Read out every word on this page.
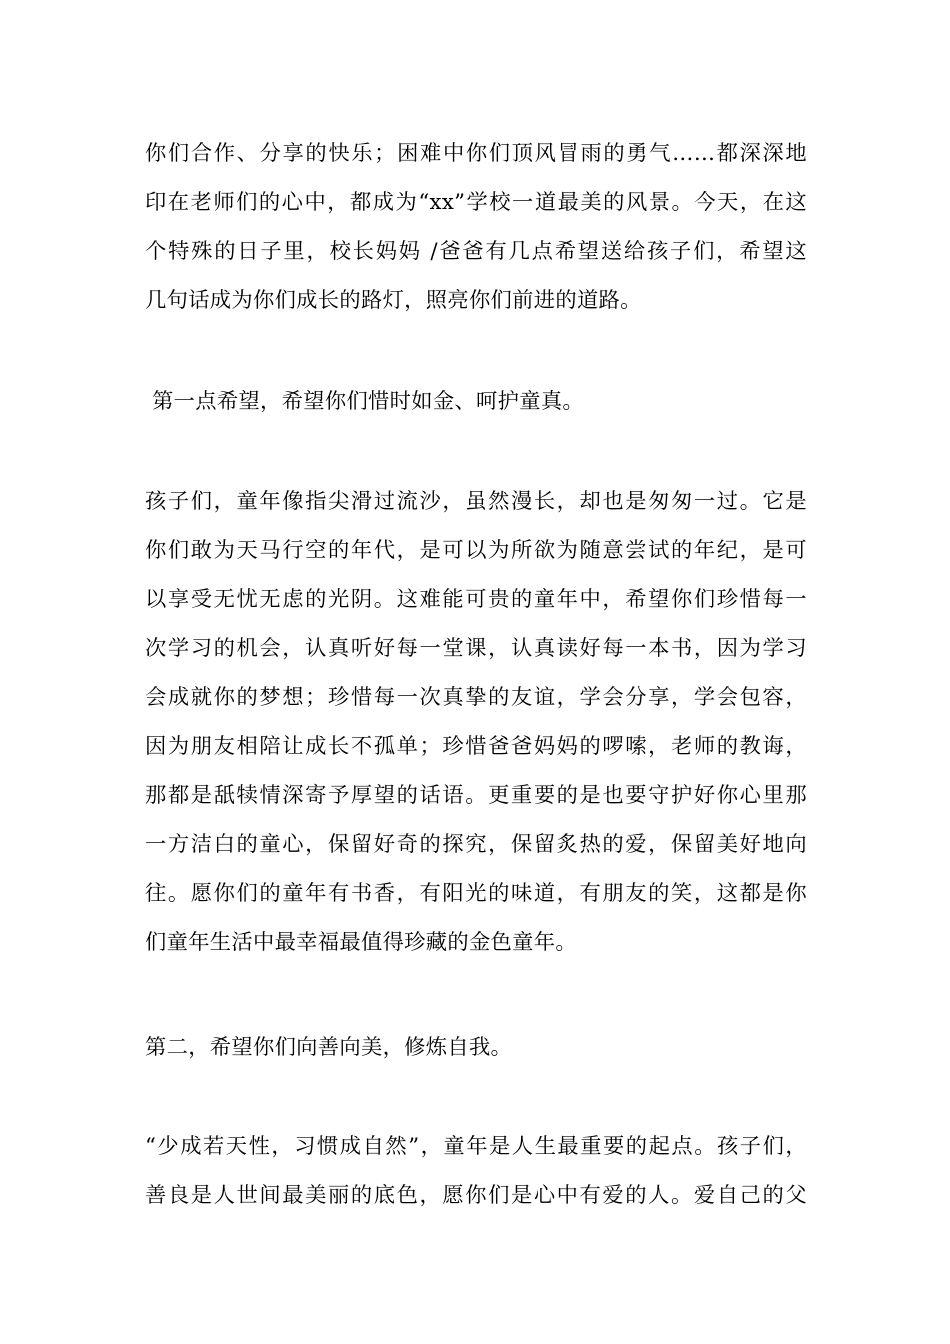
你们合作、分享的快乐；困难中你们顶风冒雨的勇气……都深深地
印在老师们的心中，都成为“xx”学校一道最美的风景。今天，在这
个特殊的日子里，校长妈妈 /爸爸有几点希望送给孩子们，希望这
几句话成为你们成长的路灯，照亮你们前进的道路。
第一点希望，希望你们惜时如金、呵护童真。
孩子们，童年像指尖滑过流沙，虽然漫长，却也是匆匆一过。它是
你们敢为天马行空的年代，是可以为所欲为随意尝试的年纪，是可
以享受无忧无虑的光阴。这难能可贵的童年中，希望你们珍惜每一
次学习的机会，认真听好每一堂课，认真读好每一本书，因为学习
会成就你的梦想；珍惜每一次真挚的友谊，学会分享，学会包容，
因为朋友相陪让成长不孤单；珍惜爸爸妈妈的啰嗦，老师的教诲，
那都是舐犊情深寄予厚望的话语。更重要的是也要守护好你心里那
一方洁白的童心，保留好奇的探究，保留炙热的爱，保留美好地向
往。愿你们的童年有书香，有阳光的味道，有朋友的笑，这都是你
们童年生活中最幸福最值得珍藏的金色童年。
第二，希望你们向善向美，修炼自我。
“少成若天性，习惯成自然”，童年是人生最重要的起点。孩子们，
善良是人世间最美丽的底色，愿你们是心中有爱的人。爱自己的父
